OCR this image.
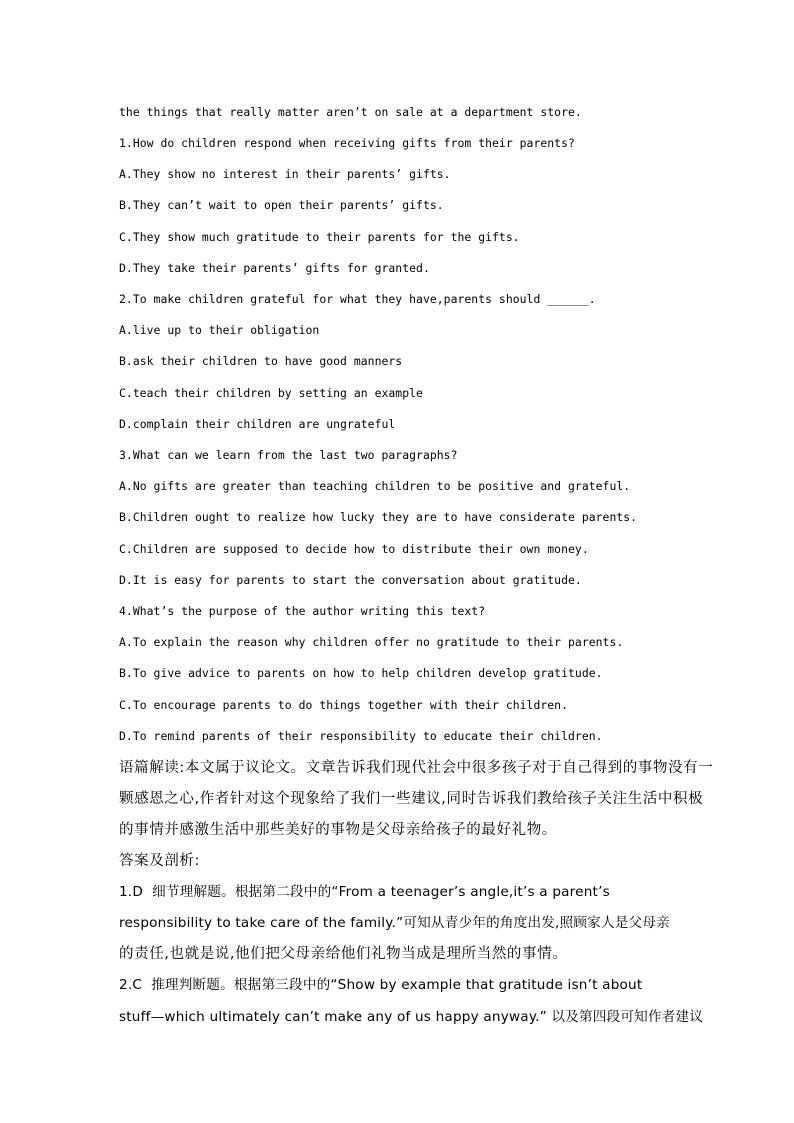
the things that really matter aren’t on sale at a department store.
1.How do children respond when receiving gifts from their parents?
A.They show no interest in their parents’ gifts.
B.They can’t wait to open their parents’ gifts.
C.They show much gratitude to their parents for the gifts.
D.They take their parents’ gifts for granted.
2.To make children grateful for what they have,parents should ______.
A.live up to their obligation
B.ask their children to have good manners
C.teach their children by setting an example
D.complain their children are ungrateful
3.What can we learn from the last two paragraphs?
A.No gifts are greater than teaching children to be positive and grateful.
B.Children ought to realize how lucky they are to have considerate parents.
C.Children are supposed to decide how to distribute their own money.
D.It is easy for parents to start the conversation about gratitude.
4.What’s the purpose of the author writing this text?
A.To explain the reason why children offer no gratitude to their parents.
B.To give advice to parents on how to help children develop gratitude.
C.To encourage parents to do things together with their children.
D.To remind parents of their responsibility to educate their children.
语篇解读:本文属于议论文。文章告诉我们现代社会中很多孩子对于自己得到的事物没有一
颗感恩之心,作者针对这个现象给了我们一些建议,同时告诉我们教给孩子关注生活中积极
的事情并感激生活中那些美好的事物是父母亲给孩子的最好礼物。
答案及剖析:
1.D  细节理解题。根据第二段中的“From a teenager’s angle,it’s a parent’s
responsibility to take care of the family.”可知从青少年的角度出发,照顾家人是父母亲
的责任,也就是说,他们把父母亲给他们礼物当成是理所当然的事情。
2.C  推理判断题。根据第三段中的“Show by example that gratitude isn’t about
stuff—which ultimately can’t make any of us happy anyway.” 以及第四段可知作者建议
